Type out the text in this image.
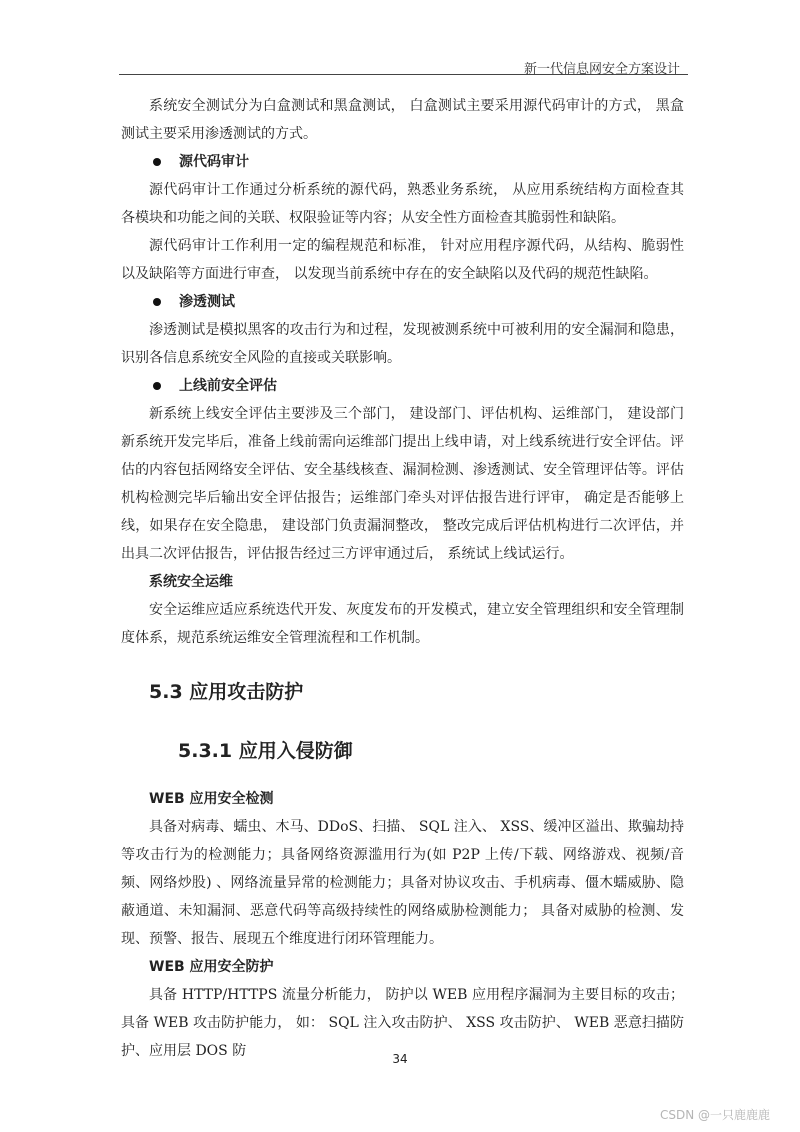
新一代信息网安全方案设计

系统安全测试分为白盒测试和黑盒测试， 白盒测试主要采用源代码审计的方式， 黑盒测试主要采用渗透测试的方式。

源代码审计

源代码审计工作通过分析系统的源代码，熟悉业务系统， 从应用系统结构方面检查其各模块和功能之间的关联、权限验证等内容；从安全性方面检查其脆弱性和缺陷。

源代码审计工作利用一定的编程规范和标准， 针对应用程序源代码，从结构、脆弱性以及缺陷等方面进行审查， 以发现当前系统中存在的安全缺陷以及代码的规范性缺陷。

渗透测试

渗透测试是模拟黑客的攻击行为和过程，发现被测系统中可被利用的安全漏洞和隐患，识别各信息系统安全风险的直接或关联影响。

上线前安全评估

新系统上线安全评估主要涉及三个部门， 建设部门、评估机构、运维部门， 建设部门新系统开发完毕后，准备上线前需向运维部门提出上线申请，对上线系统进行安全评估。评估的内容包括网络安全评估、安全基线核查、漏洞检测、渗透测试、安全管理评估等。评估机构检测完毕后输出安全评估报告；运维部门牵头对评估报告进行评审， 确定是否能够上线，如果存在安全隐患， 建设部门负责漏洞整改， 整改完成后评估机构进行二次评估，并出具二次评估报告，评估报告经过三方评审通过后， 系统试上线试运行。

系统安全运维

安全运维应适应系统迭代开发、灰度发布的开发模式，建立安全管理组织和安全管理制度体系，规范系统运维安全管理流程和工作机制。

5.3 应用攻击防护
5.3.1 应用入侵防御
WEB 应用安全检测

具备对病毒、蠕虫、木马、DDoS、扫描、 SQL 注入、 XSS、缓冲区溢出、欺骗劫持等攻击行为的检测能力；具备网络资源滥用行为(如 P2P 上传/下载、网络游戏、视频/音频、网络炒股) 、网络流量异常的检测能力；具备对协议攻击、手机病毒、僵木蠕威胁、隐蔽通道、未知漏洞、恶意代码等高级持续性的网络威胁检测能力； 具备对威胁的检测、发现、预警、报告、展现五个维度进行闭环管理能力。

WEB 应用安全防护

具备 HTTP/HTTPS 流量分析能力， 防护以 WEB 应用程序漏洞为主要目标的攻击；具备 WEB 攻击防护能力， 如： SQL 注入攻击防护、 XSS 攻击防护、 WEB 恶意扫描防护、应用层 DOS 防	34
CSDN @一只鹿鹿鹿
